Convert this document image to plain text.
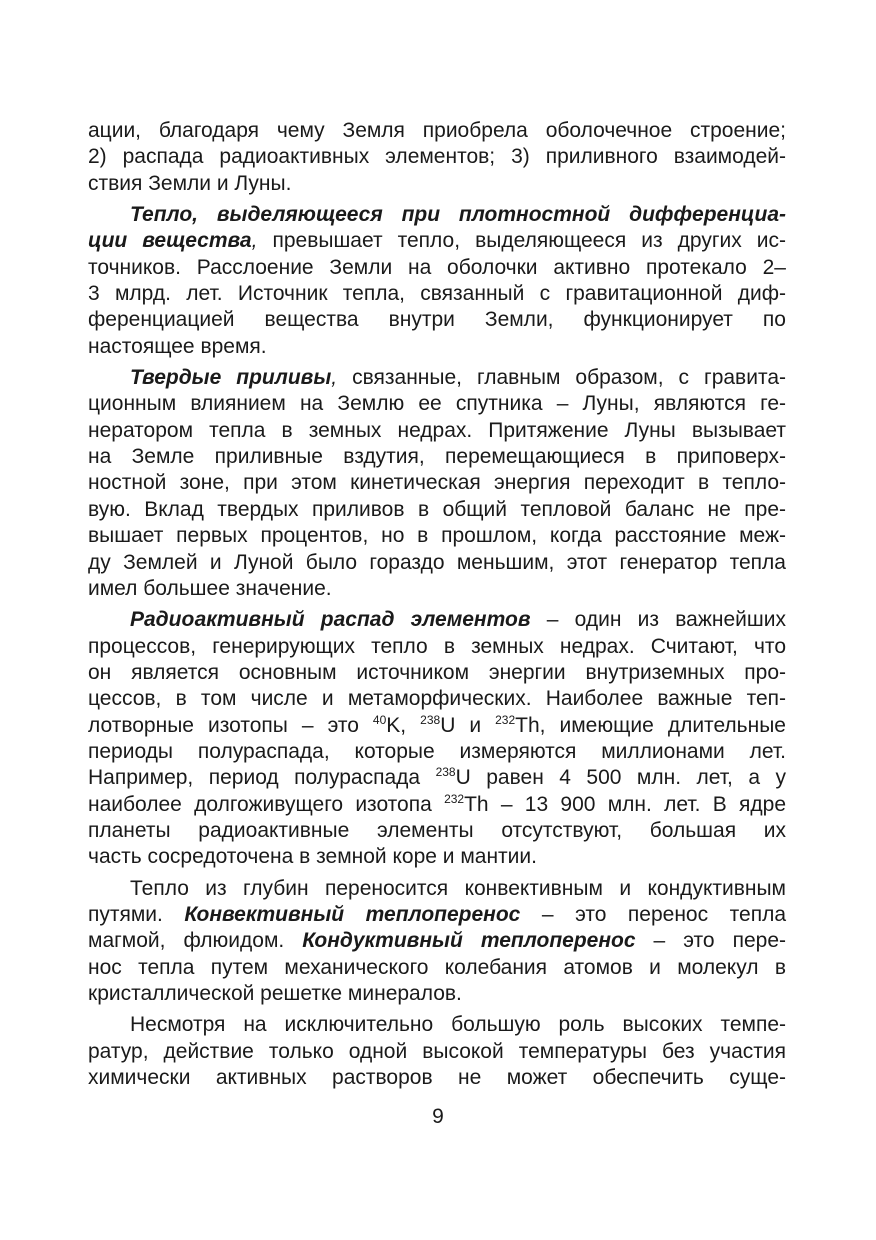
ации, благодаря чему Земля приобрела оболочечное строение;
2) распада радиоактивных элементов; 3) приливного взаимодей-
ствия Земли и Луны.
Тепло, выделяющееся при плотностной дифференциа-
ции вещества, превышает тепло, выделяющееся из других ис-
точников. Расслоение Земли на оболочки активно протекало 2–
3 млрд. лет. Источник тепла, связанный с гравитационной диф-
ференциацией вещества внутри Земли, функционирует по
настоящее время.
Твердые приливы, связанные, главным образом, с гравита-
ционным влиянием на Землю ее спутника – Луны, являются ге-
нератором тепла в земных недрах. Притяжение Луны вызывает
на Земле приливные вздутия, перемещающиеся в приповерх-
ностной зоне, при этом кинетическая энергия переходит в тепло-
вую. Вклад твердых приливов в общий тепловой баланс не пре-
вышает первых процентов, но в прошлом, когда расстояние меж-
ду Землей и Луной было гораздо меньшим, этот генератор тепла
имел большее значение.
Радиоактивный распад элементов – один из важнейших
процессов, генерирующих тепло в земных недрах. Считают, что
он является основным источником энергии внутриземных про-
цессов, в том числе и метаморфических. Наиболее важные теп-
лотворные изотопы – это $^{40}$K, $^{238}$U и $^{232}$Th, имеющие длительные
периоды полураспада, которые измеряются миллионами лет.
Например, период полураспада $^{238}$U равен 4 500 млн. лет, а у
наиболее долгоживущего изотопа $^{232}$Th – 13 900 млн. лет. В ядре
планеты радиоактивные элементы отсутствуют, большая их
часть сосредоточена в земной коре и мантии.
Тепло из глубин переносится конвективным и кондуктивным
путями. Конвективный теплоперенос – это перенос тепла
магмой, флюидом. Кондуктивный теплоперенос – это пере-
нос тепла путем механического колебания атомов и молекул в
кристаллической решетке минералов.
Несмотря на исключительно большую роль высоких темпе-
ратур, действие только одной высокой температуры без участия
химически активных растворов не может обеспечить суще-
9
